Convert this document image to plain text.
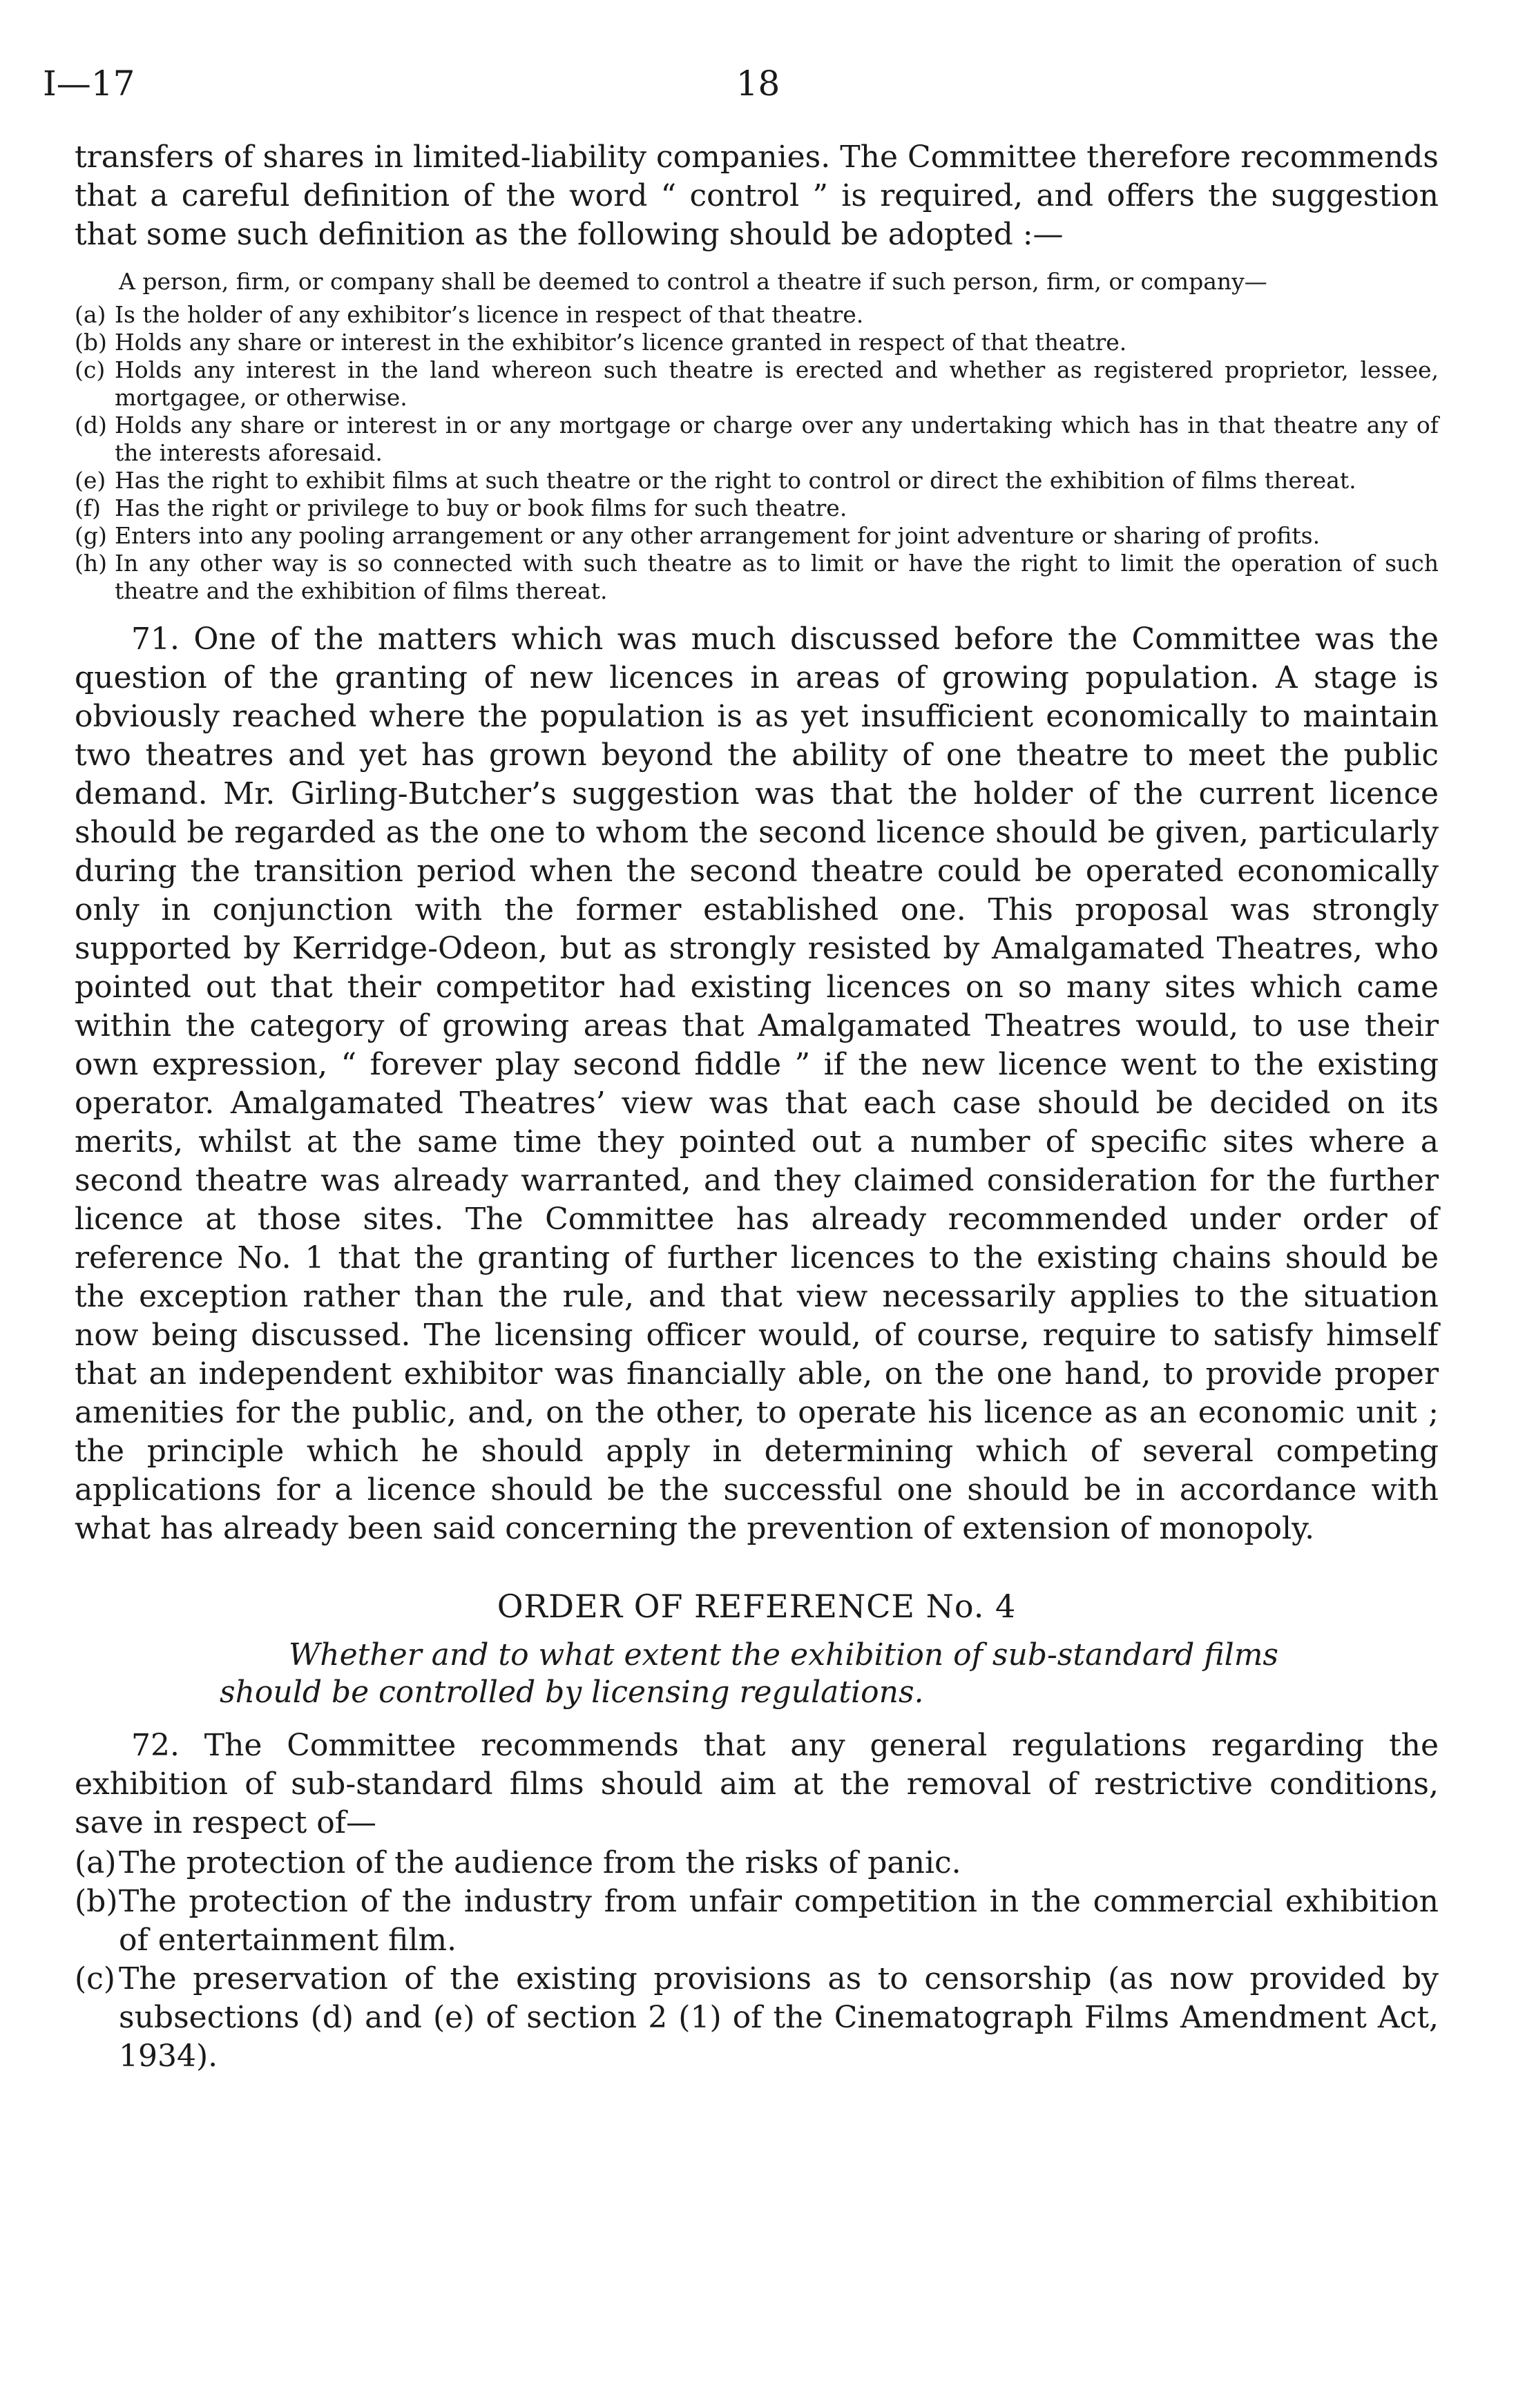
I—17	18

transfers of shares in limited-liability companies. The Committee therefore recommends that a careful definition of the word “ control ” is required, and offers the suggestion that some such definition as the following should be adopted :—

A person, firm, or company shall be deemed to control a theatre if such person, firm, or company—

(a) Is the holder of any exhibitor’s licence in respect of that theatre.
(b) Holds any share or interest in the exhibitor’s licence granted in respect of that theatre.
(c) Holds any interest in the land whereon such theatre is erected and whether as registered proprietor, lessee, mortgagee, or otherwise.
(d) Holds any share or interest in or any mortgage or charge over any undertaking which has in that theatre any of the interests aforesaid.
(e) Has the right to exhibit films at such theatre or the right to control or direct the exhibition of films thereat.
(f) Has the right or privilege to buy or book films for such theatre.
(g) Enters into any pooling arrangement or any other arrangement for joint adventure or sharing of profits.
(h) In any other way is so connected with such theatre as to limit or have the right to limit the operation of such theatre and the exhibition of films thereat.

71. One of the matters which was much discussed before the Committee was the question of the granting of new licences in areas of growing population. A stage is obviously reached where the population is as yet insufficient economically to maintain two theatres and yet has grown beyond the ability of one theatre to meet the public demand. Mr. Girling-Butcher’s suggestion was that the holder of the current licence should be regarded as the one to whom the second licence should be given, particularly during the transition period when the second theatre could be operated economically only in conjunction with the former established one. This proposal was strongly supported by Kerridge-Odeon, but as strongly resisted by Amalgamated Theatres, who pointed out that their competitor had existing licences on so many sites which came within the category of growing areas that Amalgamated Theatres would, to use their own expression, “ forever play second fiddle ” if the new licence went to the existing operator. Amalgamated Theatres’ view was that each case should be decided on its merits, whilst at the same time they pointed out a number of specific sites where a second theatre was already warranted, and they claimed consideration for the further licence at those sites. The Committee has already recommended under order of reference No. 1 that the granting of further licences to the existing chains should be the exception rather than the rule, and that view necessarily applies to the situation now being discussed. The licensing officer would, of course, require to satisfy himself that an independent exhibitor was financially able, on the one hand, to provide proper amenities for the public, and, on the other, to operate his licence as an economic unit ; the principle which he should apply in determining which of several competing applications for a licence should be the successful one should be in accordance with what has already been said concerning the prevention of extension of monopoly.

ORDER OF REFERENCE No. 4
Whether and to what extent the exhibition of sub-standard films should be controlled by licensing regulations.

72. The Committee recommends that any general regulations regarding the exhibition of sub-standard films should aim at the removal of restrictive conditions, save in respect of—

(a) The protection of the audience from the risks of panic.
(b) The protection of the industry from unfair competition in the commercial exhibition of entertainment film.
(c) The preservation of the existing provisions as to censorship (as now provided by subsections (d) and (e) of section 2 (1) of the Cinematograph Films Amendment Act, 1934).
